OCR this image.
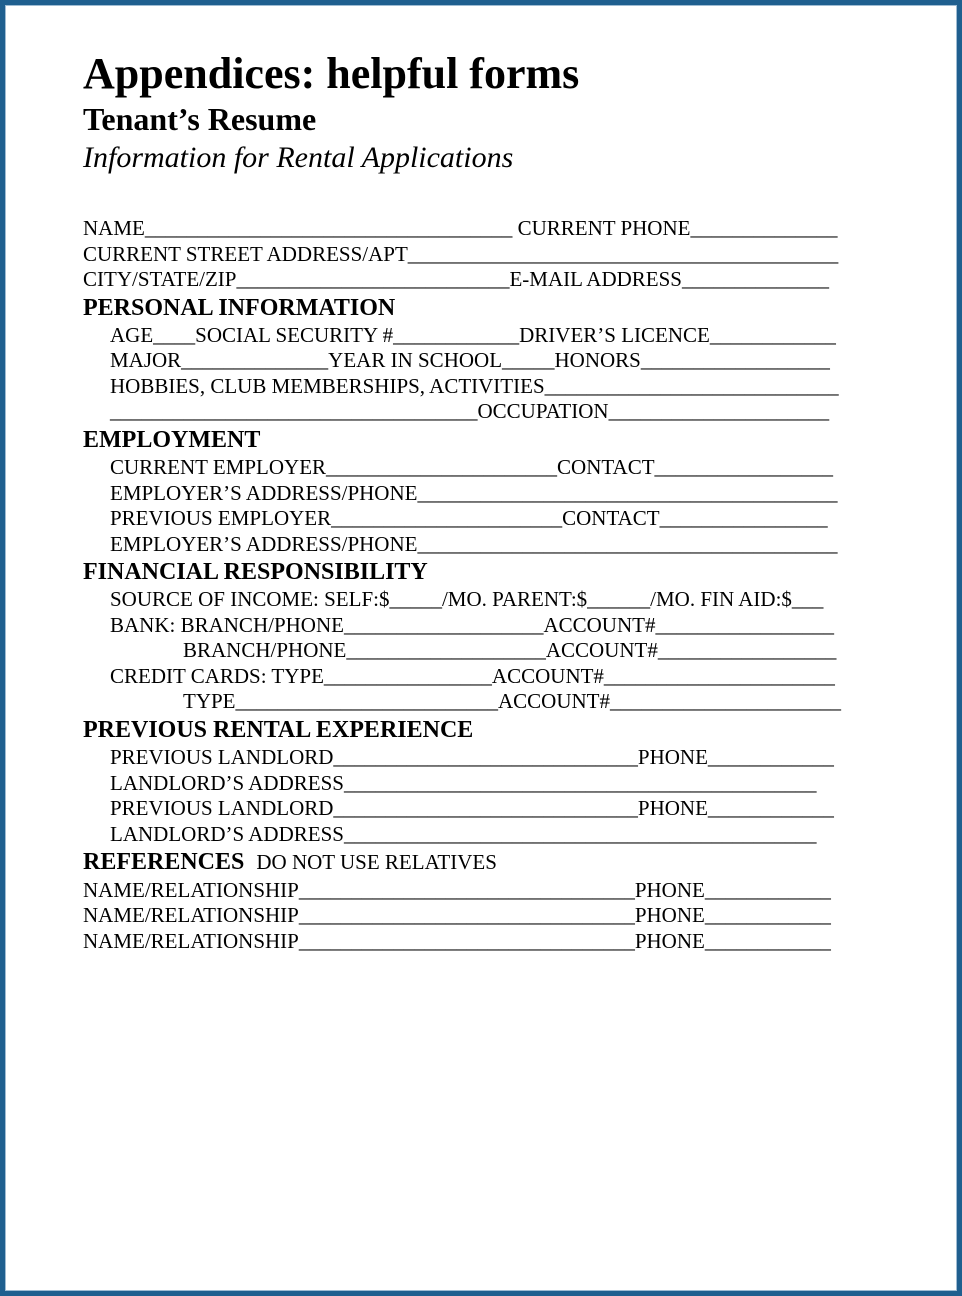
Appendices: helpful forms
Tenant’s Resume
Information for Rental Applications
NAME___________________________________ CURRENT PHONE______________
CURRENT STREET ADDRESS/APT_________________________________________
CITY/STATE/ZIP__________________________E-MAIL ADDRESS______________
PERSONAL INFORMATION
AGE____SOCIAL SECURITY #____________DRIVER’S LICENCE____________
MAJOR______________YEAR IN SCHOOL_____HONORS__________________
HOBBIES, CLUB MEMBERSHIPS, ACTIVITIES____________________________
___________________________________OCCUPATION_____________________
EMPLOYMENT
CURRENT EMPLOYER______________________CONTACT_________________
EMPLOYER’S ADDRESS/PHONE________________________________________
PREVIOUS EMPLOYER______________________CONTACT________________
EMPLOYER’S ADDRESS/PHONE________________________________________
FINANCIAL RESPONSIBILITY
SOURCE OF INCOME: SELF:$_____/MO. PARENT:$______/MO. FIN AID:$___
BANK: BRANCH/PHONE___________________ACCOUNT#_________________
BRANCH/PHONE___________________ACCOUNT#_________________
CREDIT CARDS: TYPE________________ACCOUNT#______________________
TYPE_________________________ACCOUNT#______________________
PREVIOUS RENTAL EXPERIENCE
PREVIOUS LANDLORD_____________________________PHONE____________
LANDLORD’S ADDRESS_____________________________________________
PREVIOUS LANDLORD_____________________________PHONE____________
LANDLORD’S ADDRESS_____________________________________________
REFERENCES DO NOT USE RELATIVES
NAME/RELATIONSHIP________________________________PHONE____________
NAME/RELATIONSHIP________________________________PHONE____________
NAME/RELATIONSHIP________________________________PHONE____________
